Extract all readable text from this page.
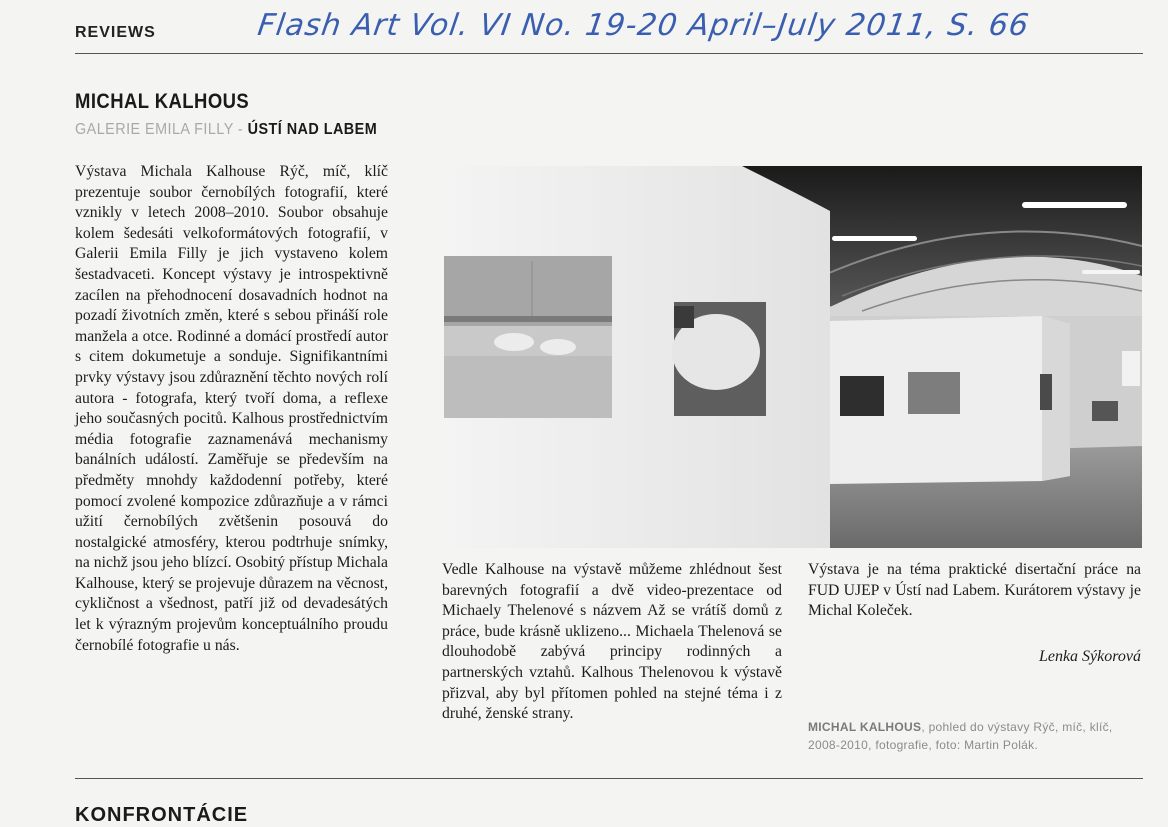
REVIEWS	Flash Art Vol. VI No. 19-20 April–July 2011, S. 66
MICHAL KALHOUS
GALERIE EMILA FILLY - ÚSTÍ NAD LABEM
Výstava Michala Kalhouse Rýč, míč, klíč prezentuje soubor černobílých fotografií, které vznikly v letech 2008–2010. Soubor obsahuje kolem šedesáti velkoformátových fotografií, v Galerii Emila Filly je jich vystaveno kolem šestadvaceti. Koncept výstavy je introspektivně zacílen na přehodnocení dosavadních hodnot na pozadí životních změn, které s sebou přináší role manžela a otce. Rodinné a domácí prostředí autor s citem dokumetuje a sonduje. Signifikantními prvky výstavy jsou zdůraznění těchto nových rolí autora - fotografa, který tvoří doma, a reflexe jeho současných pocitů. Kalhous prostřednictvím média fotografie zaznamenává mechanismy banálních událostí. Zaměřuje se především na předměty mnohdy každodenní potřeby, které pomocí zvolené kompozice zdůrazňuje a v rámci užití černobílých zvětšenin posouvá do nostalgické atmosféry, kterou podtrhuje snímky, na nichž jsou jeho blízcí. Osobitý přístup Michala Kalhouse, který se projevuje důrazem na věcnost, cykličnost a všednost, patří již od devadesátých let k výrazným projevům konceptuálního proudu černobílé fotografie u nás.
Vedle Kalhouse na výstavě můžeme zhlédnout šest barevných fotografií a dvě video-prezentace od Michaely Thelenové s názvem Až se vrátíš domů z práce, bude krásně uklizeno... Michaela Thelenová se dlouhodobě zabývá principy rodinných a partnerských vztahů. Kalhous Thelenovou k výstavě přizval, aby byl přítomen pohled na stejné téma i z druhé, ženské strany.
Výstava je na téma praktické disertační práce na FUD UJEP v Ústí nad Labem. Kurátorem výstavy je Michal Koleček.
Lenka Sýkorová
MICHAL KALHOUS, pohled do výstavy Rýč, míč, klíč, 2008-2010, fotografie, foto: Martin Polák.
KONFRONTÁCIE
